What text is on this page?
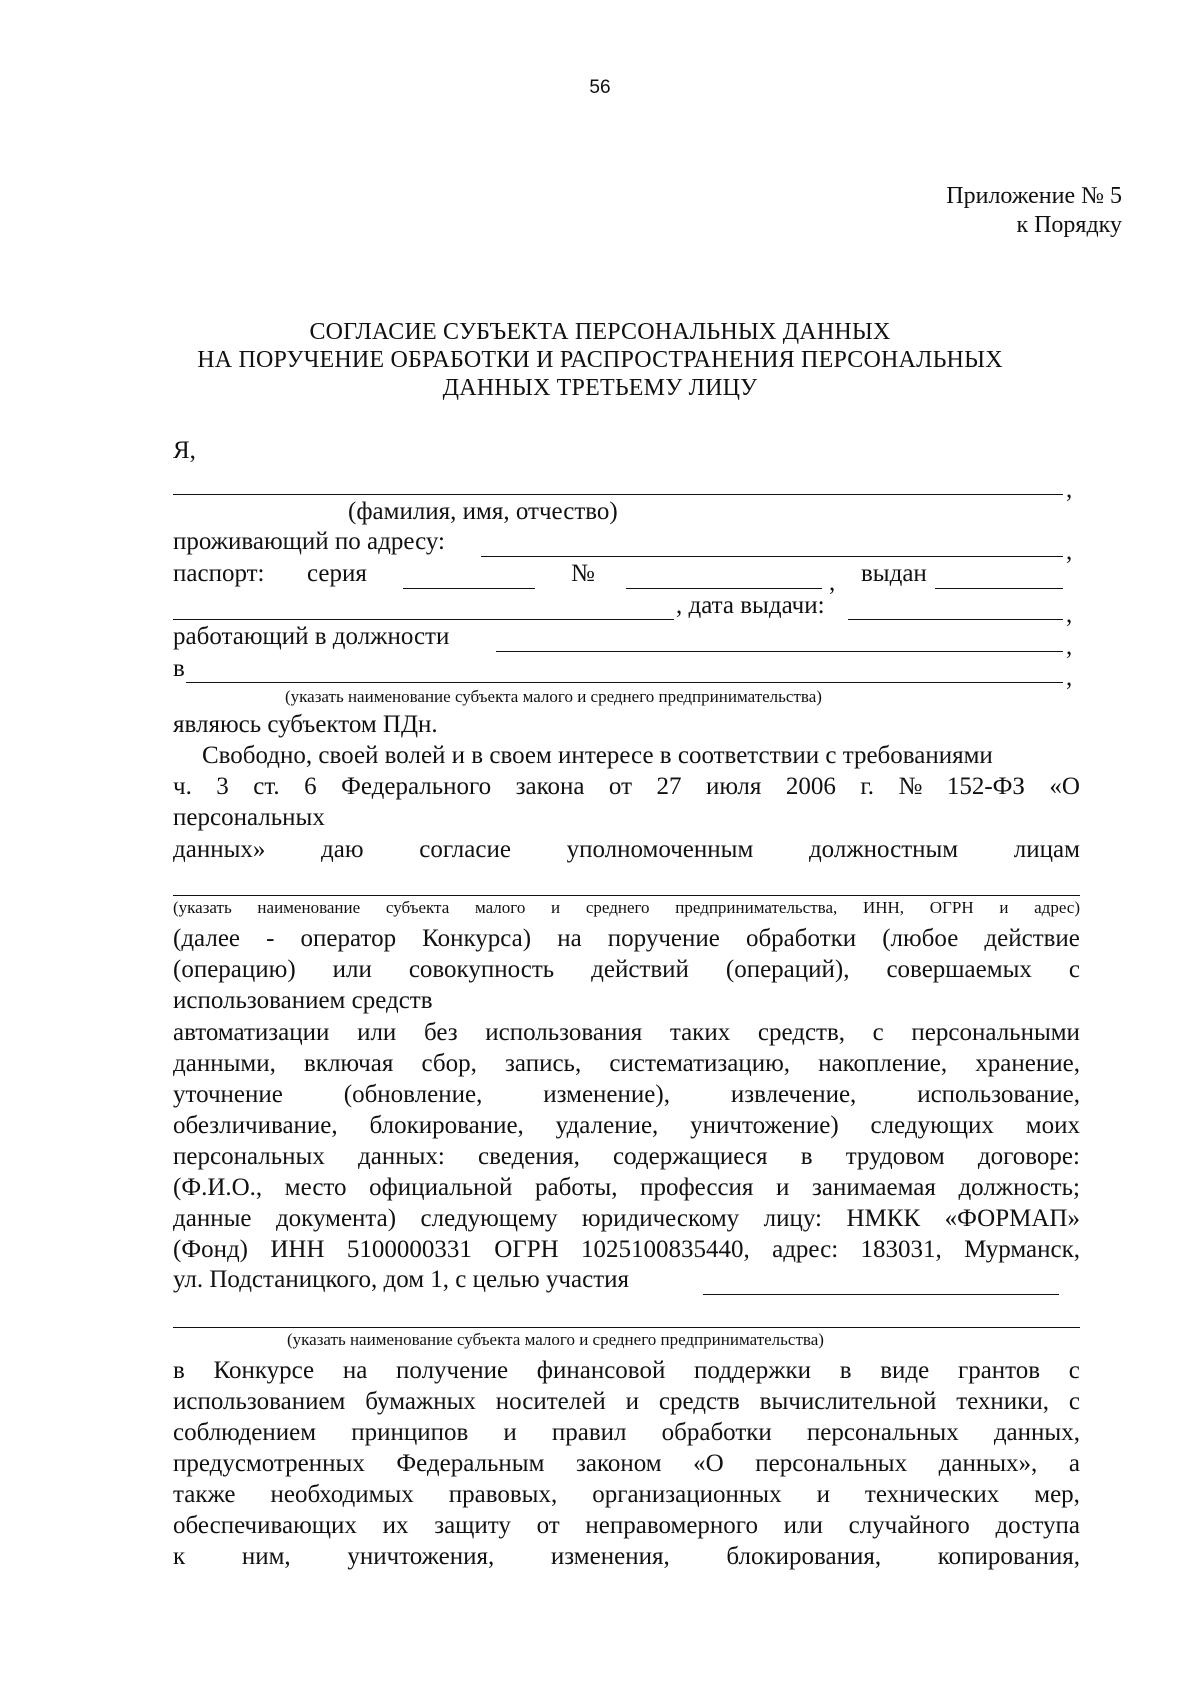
56
Приложение № 5
к Порядку
СОГЛАСИЕ СУБЪЕКТА ПЕРСОНАЛЬНЫХ ДАННЫХ
НА ПОРУЧЕНИЕ ОБРАБОТКИ И РАСПРОСТРАНЕНИЯ ПЕРСОНАЛЬНЫХ
ДАННЫХ ТРЕТЬЕМУ ЛИЦУ
Я,
,
(фамилия, имя, отчество)
проживающий по адресу:	,
паспорт: серия	№	, выдан
, дата выдачи:	,
работающий в должности	,
в	,
(указать наименование субъекта малого и среднего предпринимательства)
являюсь субъектом ПДн.
Свободно, своей волей и в своем интересе в соответствии с требованиями
ч. 3 ст. 6 Федерального закона от 27 июля 2006 г. № 152-ФЗ «О
персональных
данных» даю согласие уполномоченным должностным лицам
(указать наименование субъекта малого и среднего предпринимательства, ИНН, ОГРН и адрес)
(далее - оператор Конкурса) на поручение обработки (любое действие
(операцию) или совокупность действий (операций), совершаемых с
использованием средств
автоматизации или без использования таких средств, с персональными
данными, включая сбор, запись, систематизацию, накопление, хранение,
уточнение (обновление, изменение), извлечение, использование,
обезличивание, блокирование, удаление, уничтожение) следующих моих
персональных данных: сведения, содержащиеся в трудовом договоре:
(Ф.И.О., место официальной работы, профессия и занимаемая должность;
данные документа) следующему юридическому лицу: НМКК «ФОРМАП»
(Фонд) ИНН 5100000331 ОГРН 1025100835440, адрес: 183031, Мурманск,
ул. Подстаницкого, дом 1, с целью участия
(указать наименование субъекта малого и среднего предпринимательства)
в Конкурсе на получение финансовой поддержки в виде грантов с
использованием бумажных носителей и средств вычислительной техники, с
соблюдением принципов и правил обработки персональных данных,
предусмотренных Федеральным законом «О персональных данных», а
также необходимых правовых, организационных и технических мер,
обеспечивающих их защиту от неправомерного или случайного доступа
к ним, уничтожения, изменения, блокирования, копирования,
